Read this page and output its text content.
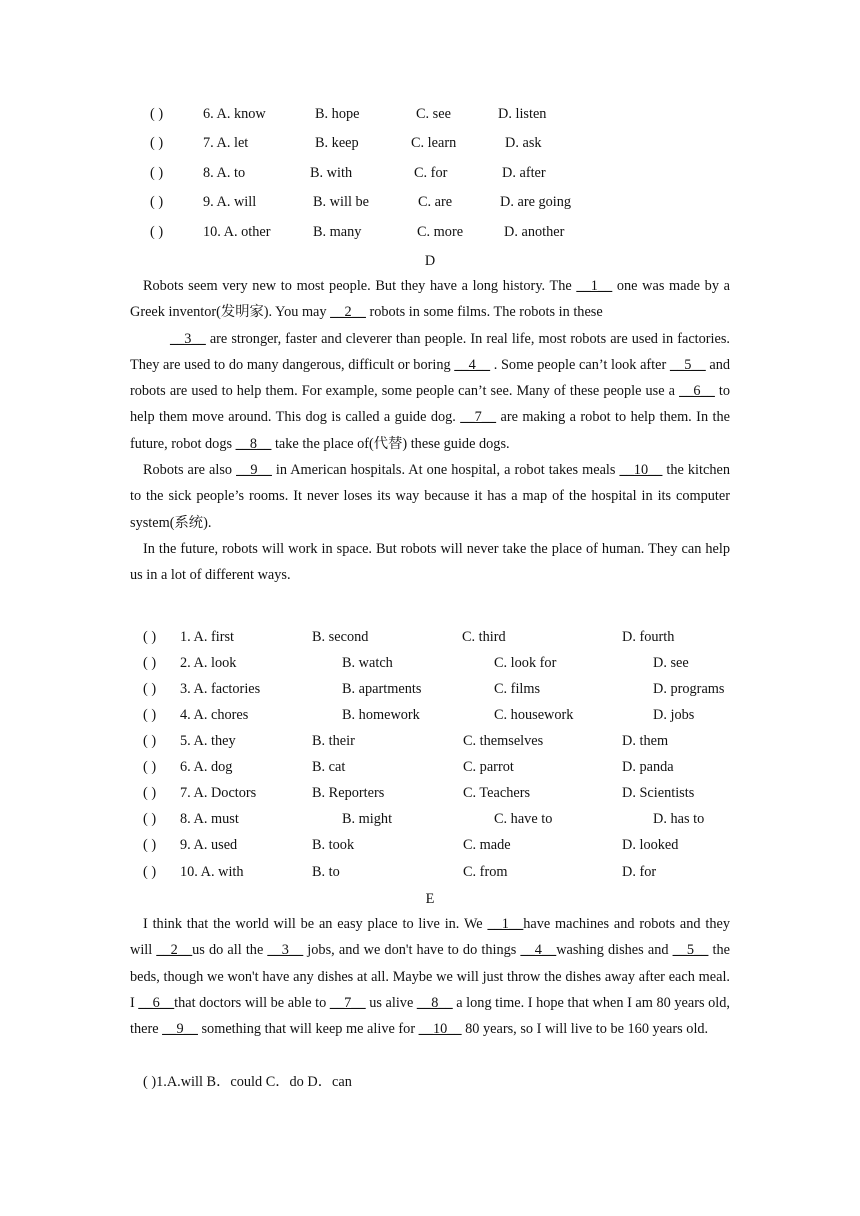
( )	6. A. know	B. hope	C. see	D. listen
( )	7. A. let	B. keep	C. learn	D. ask
( )	8. A. to	B. with	C. for	D. after
( )	9. A. will	B. will be	C. are	D. are going
( )	10. A. other	B. many	C. more	D. another
D

Robots seem very new to most people. But they have a long history. The __1__ one was made by a Greek inventor(发明家). You may __2__ robots in some films. The robots in these
__3__ are stronger, faster and cleverer than people. In real life, most robots are used in factories. They are used to do many dangerous, difficult or boring __4__ . Some people can’t look after __5__ and robots are used to help them. For example, some people can’t see. Many of these people use a __6__ to help them move around. This dog is called a guide dog. __7__ are making a robot to help them. In the future, robot dogs __8__ take the place of(代替) these guide dogs.

Robots are also __9__ in American hospitals. At one hospital, a robot takes meals __10__ the kitchen to the sick people’s rooms. It never loses its way because it has a map of the hospital in its computer system(系统).

In the future, robots will work in space. But robots will never take the place of human. They can help us in a lot of different ways.

( ) 1. A. first	B. second	C. third	D. fourth
( ) 2. A. look	B. watch	C. look for	D. see
( ) 3. A. factories	B. apartments	C. films	D. programs
( ) 4. A. chores	B. homework	C. housework	D. jobs
( ) 5. A. they	B. their	C. themselves	D. them
( ) 6. A. dog	B. cat	C. parrot	D. panda
( ) 7. A. Doctors	B. Reporters	C. Teachers	D. Scientists
( ) 8. A. must	B. might	C. have to	D. has to
( ) 9. A. used	B. took	C. made	D. looked
( ) 10. A. with	B. to	C. from	D. for
E

I think that the world will be an easy place to live in. We __1__have machines and robots and they will __2__us do all the __3__ jobs, and we don't have to do things __4__washing dishes and __5__ the beds, though we won't have any dishes at all. Maybe we will just throw the dishes away after each meal. I __6__that doctors will be able to __7__ us alive __8__ a long time. I hope that when I am 80 years old, there __9__ something that will keep me alive for __10__ 80 years, so I will live to be 160 years old.

( )1.A.will B．could C．do D．can
